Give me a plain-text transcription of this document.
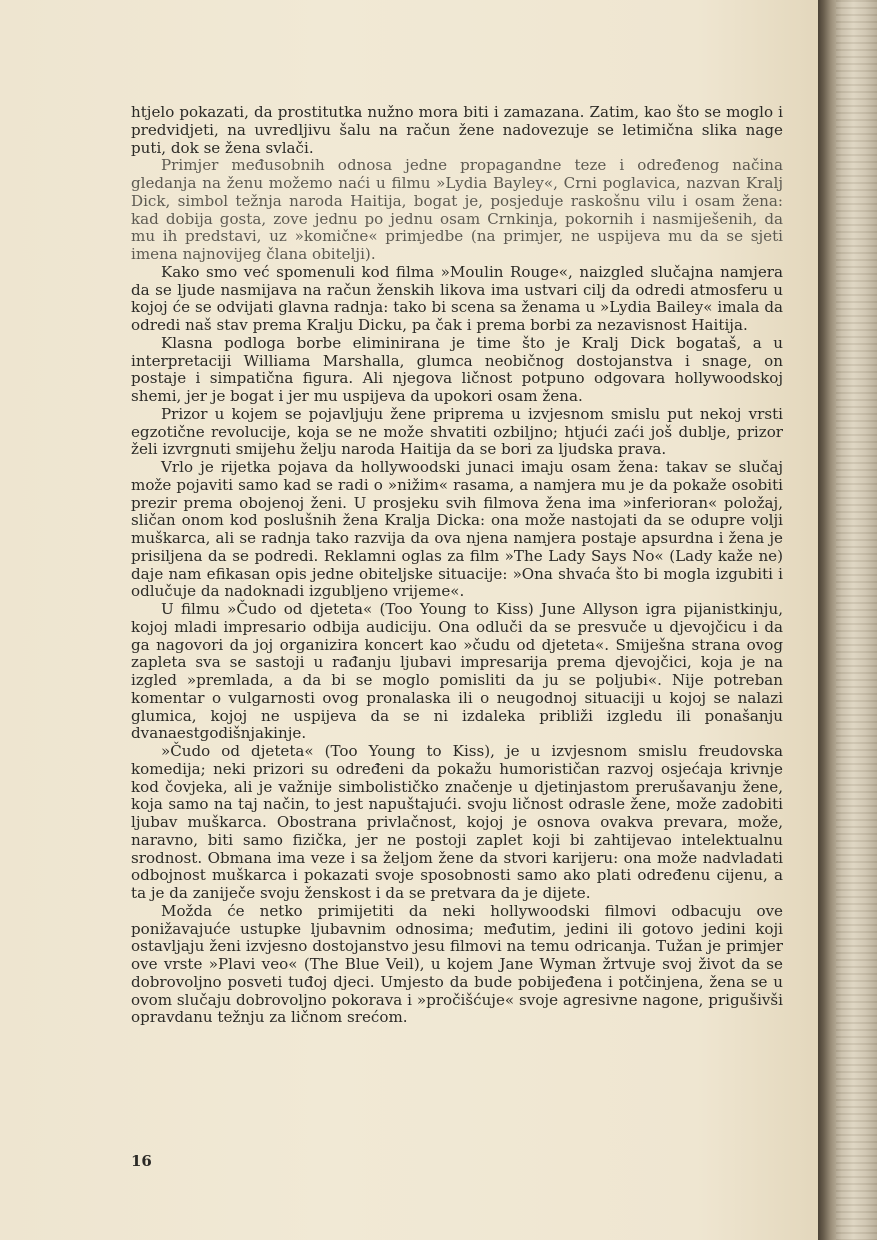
htjelo pokazati, da prostitutka nužno mora biti i zamazana. Zatim, kao što se moglo i predvidjeti, na uvredljivu šalu na račun žene nadovezuje se letimična slika nage puti, dok se žena svlači.

Primjer međusobnih odnosa jedne propagandne teze i određenog načina gledanja na ženu možemo naći u filmu »Lydia Bayley«, Crni poglavica, nazvan Kralj Dick, simbol težnja naroda Haitija, bogat je, posjeduje raskošnu vilu i osam žena: kad dobija gosta, zove jednu po jednu osam Crnkinja, pokornih i nasmiješenih, da mu ih predstavi, uz »komične« primjedbe (na primjer, ne uspijeva mu da se sjeti imena najnovijeg člana obitelji).

Kako smo već spomenuli kod filma »Moulin Rouge«, naizgled slučajna namjera da se ljude nasmijava na račun ženskih likova ima ustvari cilj da odredi atmosferu u kojoj će se odvijati glavna radnja: tako bi scena sa ženama u »Lydia Bailey« imala da odredi naš stav prema Kralju Dicku, pa čak i prema borbi za nezavisnost Haitija.

Klasna podloga borbe eliminirana je time što je Kralj Dick bogataš, a u interpretaciji Williama Marshalla, glumca neobičnog dostojanstva i snage, on postaje i simpatična figura. Ali njegova ličnost potpuno odgovara hollywoodskoj shemi, jer je bogat i jer mu uspijeva da upokori osam žena.

Prizor u kojem se pojavljuju žene priprema u izvjesnom smislu put nekoj vrsti egzotične revolucije, koja se ne može shvatiti ozbiljno; htjući zaći još dublje, prizor želi izvrgnuti smijehu želju naroda Haitija da se bori za ljudska prava.

Vrlo je rijetka pojava da hollywoodski junaci imaju osam žena: takav se slučaj može pojaviti samo kad se radi o »nižim« rasama, a namjera mu je da pokaže osobiti prezir prema obojenoj ženi. U prosjeku svih filmova žena ima »inferioran« položaj, sličan onom kod poslušnih žena Kralja Dicka: ona može nastojati da se odupre volji muškarca, ali se radnja tako razvija da ova njena namjera postaje apsurdna i žena je prisiljena da se podredi. Reklamni oglas za film »The Lady Says No« (Lady kaže ne) daje nam efikasan opis jedne obiteljske situacije: »Ona shvaća što bi mogla izgubiti i odlučuje da nadoknadi izgubljeno vrijeme«.

U filmu »Čudo od djeteta« (Too Young to Kiss) June Allyson igra pijanistkinju, kojoj mladi impresario odbija audiciju. Ona odluči da se presvuče u djevojčicu i da ga nagovori da joj organizira koncert kao »čudu od djeteta«. Smiješna strana ovog zapleta sva se sastoji u rađanju ljubavi impresarija prema djevojčici, koja je na izgled »premlada, a da bi se moglo pomisliti da ju se poljubi«. Nije potreban komentar o vulgarnosti ovog pronalaska ili o neugodnoj situaciji u kojoj se nalazi glumica, kojoj ne uspijeva da se ni izdaleka približi izgledu ili ponašanju dvanaestgodišnjakinje.

»Čudo od djeteta« (Too Young to Kiss), je u izvjesnom smislu freudovska komedija; neki prizori su određeni da pokažu humorističan razvoj osjećaja krivnje kod čovjeka, ali je važnije simbolističko značenje u djetinjastom prerušavanju žene, koja samo na taj način, to jest napuštajući. svoju ličnost odrasle žene, može zadobiti ljubav muškarca. Obostrana privlačnost, kojoj je osnova ovakva prevara, može, naravno, biti samo fizička, jer ne postoji zaplet koji bi zahtijevao intelektualnu srodnost. Obmana ima veze i sa željom žene da stvori karijeru: ona može nadvladati odbojnost muškarca i pokazati svoje sposobnosti samo ako plati određenu cijenu, a ta je da zaniječe svoju ženskost i da se pretvara da je dijete.

Možda će netko primijetiti da neki hollywoodski filmovi odbacuju ove ponižavajuće ustupke ljubavnim odnosima; međutim, jedini ili gotovo jedini koji ostavljaju ženi izvjesno dostojanstvo jesu filmovi na temu odricanja. Tužan je primjer ove vrste »Plavi veo« (The Blue Veil), u kojem Jane Wyman žrtvuje svoj život da se dobrovoljno posveti tuđoj djeci. Umjesto da bude pobijeđena i potčinjena, žena se u ovom slučaju dobrovoljno pokorava i »pročišćuje« svoje agresivne nagone, prigušivši opravdanu težnju za ličnom srećom.

16
